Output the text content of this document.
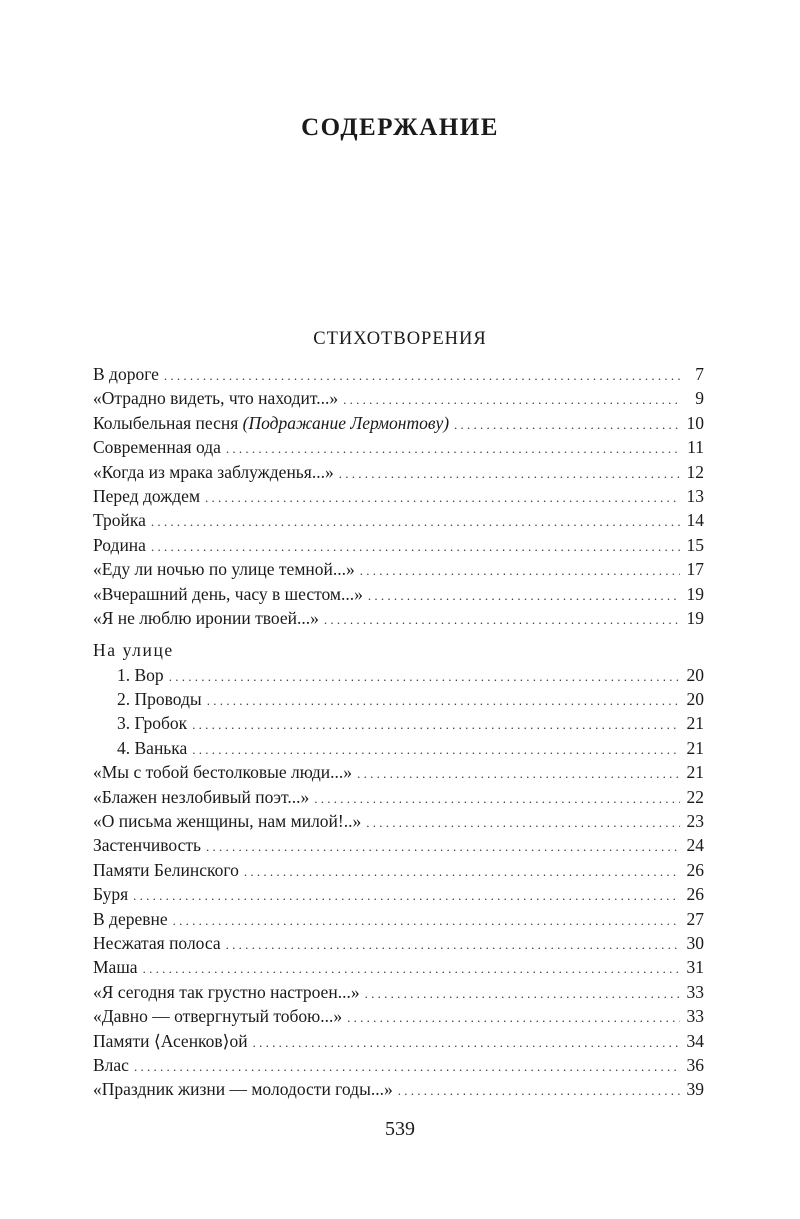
СОДЕРЖАНИЕ
СТИХОТВОРЕНИЯ
В дороге . . .	7
«Отрадно видеть, что находит...» . . .	9
Колыбельная песня (Подражание Лермонтову) . . .	10
Современная ода . . .	11
«Когда из мрака заблужденья...» . . .	12
Перед дождем . . .	13
Тройка . . .	14
Родина . . .	15
«Еду ли ночью по улице темной...» . . .	17
«Вчерашний день, часу в шестом...» . . .	19
«Я не люблю иронии твоей...» . . .	19
На улице
1. Вор . . .	20
2. Проводы . . .	20
3. Гробок . . .	21
4. Ванька . . .	21
«Мы с тобой бестолковые люди...» . . .	21
«Блажен незлобивый поэт...» . . .	22
«О письма женщины, нам милой!..» . . .	23
Застенчивость . . .	24
Памяти Белинского . . .	26
Буря . . .	26
В деревне . . .	27
Несжатая полоса . . .	30
Маша . . .	31
«Я сегодня так грустно настроен...» . . .	33
«Давно — отвергнутый тобою...» . . .	33
Памяти ⟨Асенков⟩ой . . .	34
Влас . . .	36
«Праздник жизни — молодости годы...» . . .	39
539
